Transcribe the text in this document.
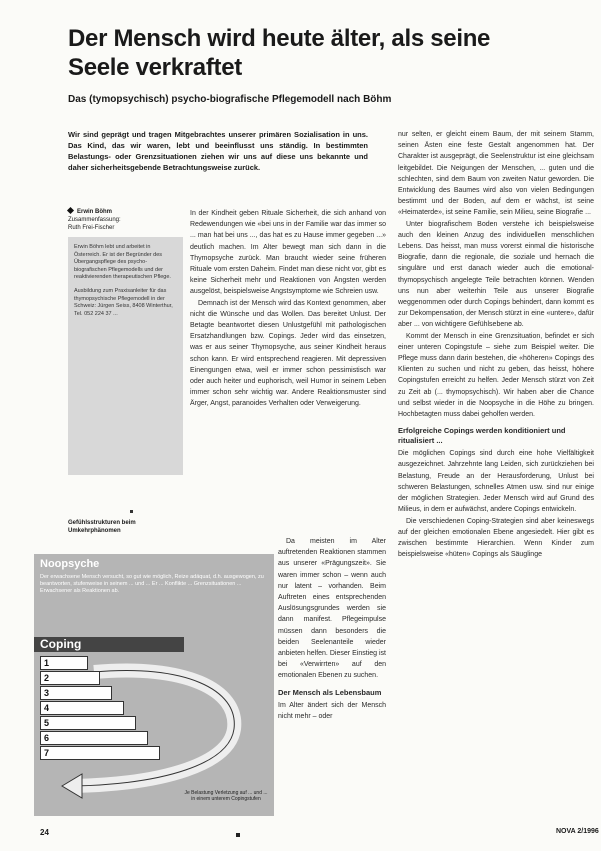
Der Mensch wird heute älter, als seine Seele verkraftet
Das (tymopsychisch) psycho-biografische Pflegemodell nach Böhm
Wir sind geprägt und tragen Mitgebrachtes unserer primären Sozialisation in uns. Das Kind, das wir waren, lebt und beeinflusst uns ständig. In bestimmten Belastungs- oder Grenzsituationen ziehen wir uns auf diese uns bekannte und daher sicherheitsgebende Betrachtungsweise zurück.
Erwin Böhm
Zusammenfassung:
Ruth Frei-Fischer

Erwin Böhm lebt und arbeitet in Österreich. Er ist der Begründer des Übergangspflege des psycho-biografischen Pflegemodells und der reaktivierenden therapeutischen Pflege.

Ausbildung zum Praxisanleiter für das thymopsychische Pflegemodell in der Schweiz: Jürgen Seiss, 8408 Winterthur, Tel. 052 224 37 ...

Gefühlsstrukturen beim Umkehrphänomen
Noopsyche
Der erwachsene Mensch versucht, so gut wie möglich, Reize adäquat, d.h. ausgewogen, zu beantworten, stufenweise in seinem ... und ... Er ... Konflikte ... Grenzsituationen ... Erwachsener als Reaktionen ab.
Coping
1
2
3
4
5
6
7
Je Belastung Verletzung auf ... und ... in einem unterem Copingstufen

In der Kindheit geben Rituale Sicherheit, die sich anhand von Redewendungen wie «bei uns in der Familie war das immer so ... man hat bei uns ..., das hat es zu Hause immer gegeben ...» deutlich machen. Im Alter bewegt man sich dann in die Thymopsyche zurück. Man braucht wieder seine früheren Rituale vom ersten Daheim. Findet man diese nicht vor, gibt es keine Sicherheit mehr und Reaktionen von Ängsten werden ausgelöst, beispielsweise Angstsymptome wie Schreien usw.

Demnach ist der Mensch wird das Kontext genommen, aber nicht die Wünsche und das Wollen. Das bereitet Unlust. Der Betagte beantwortet diesen Unlustgefühl mit pathologischen Ersatzhandlungen bzw. Copings. Jeder wird das einsetzen, was er aus seiner Thymopsyche, aus seiner Kindheit heraus schon kann. Er wird entsprechend reagieren. Mit depressiven Einengungen etwa, weil er immer schon pessimistisch war oder auch heiter und euphorisch, weil Humor in seinem Leben immer schon sehr wichtig war. Andere Reaktionsmuster sind Ärger, Angst, paranoides Verhalten oder Verweigerung.

Da meisten im Alter auftretenden Reaktionen stammen aus unserer «Prägungszeit». Sie waren immer schon – wenn auch nur latent – vorhanden. Beim Auftreten eines entsprechenden Auslösungsgrundes werden sie dann manifest. Pflegeimpulse müssen dann besonders die beiden Seelenanteile wieder anbieten helfen. Dieser Einstieg ist bei «Verwirrten» auf den emotionalen Ebenen zu suchen.

Der Mensch als Lebensbaum

Im Alter ändert sich der Mensch nicht mehr – oder

nur selten, er gleicht einem Baum, der mit seinem Stamm, seinen Ästen eine feste Gestalt angenommen hat. Der Charakter ist ausgeprägt, die Seelenstruktur ist eine gleichsam leitgebildet. Die Neigungen der Menschen, ... guten und die schlechten, sind dem Baum von zweiten Natur geworden. Die Entwicklung des Baumes wird also von vielen Bedingungen bestimmt und der Boden, auf dem er wächst, ist seine «Heimaterde», ist seine Familie, sein Milieu, seine Biografie ...

Unter biografischem Boden verstehe ich beispielsweise auch den kleinen Anzug des individuellen menschlichen Lebens. Das heisst, man muss vorerst einmal die historische Biografie, dann die regionale, die soziale und hernach die singuläre und erst danach wieder auch die emotional-thymopsychisch angelegte Teile betrachten können. Wenden uns nun aber weiterhin Teile aus unserer Biografie weggenommen oder durch Copings behindert, dann kommt es zur Dekompensation, der Mensch stürzt in eine «untere», dafür aber ... von wichtigere Gefühlsebene ab.

Kommt der Mensch in eine Grenzsituation, befindet er sich einer unteren Copingstufe – siehe zum Beispiel weiter. Die Pflege muss dann darin bestehen, die «höheren» Copings des Klienten zu suchen und nicht zu geben, das heisst, höhere Copingstufen erreicht zu helfen. Jeder Mensch stürzt von Zeit zu Zeit ab (... thymopsychisch). Wir haben aber die Chance und selbst wieder in die Noopsyche in die Höhe zu bringen. Hochbetagten muss dabei geholfen werden.

Erfolgreiche Copings werden konditioniert und ritualisiert ...

Die möglichen Copings sind durch eine hohe Vielfältigkeit ausgezeichnet. Jahrzehnte lang Leiden, sich zurückziehen bei Belastung, Freude an der Herausforderung, Unlust bei schweren Belastungen, schnelles Atmen usw. sind nur einige der möglichen Strategien. Jeder Mensch wird auf Grund des Milieus, in dem er aufwächst, andere Copings entwickeln.

Die verschiedenen Coping-Strategien sind aber keineswegs auf der gleichen emotionalen Ebene angesiedelt. Hier gibt es zwischen bestimmte Hierarchien. Wenn Kinder zum beispielsweise «hüten» Copings als Säuglinge

24	NOVA 2/1996
